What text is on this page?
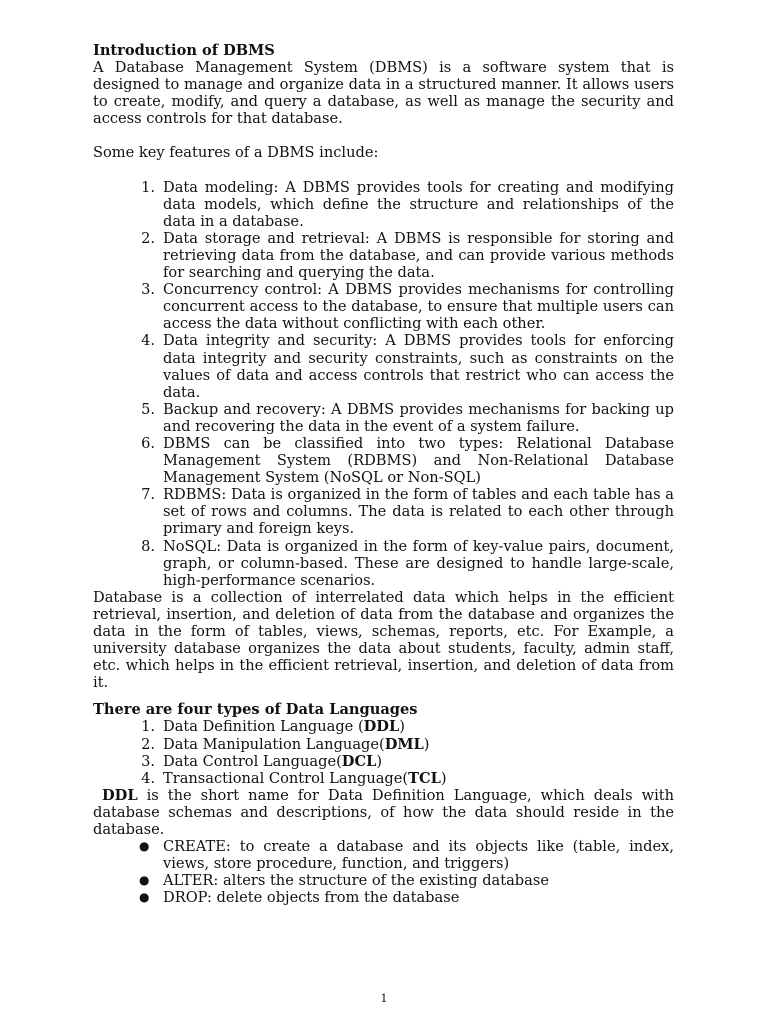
Introduction of DBMS

A Database Management System (DBMS) is a software system that is designed to manage and organize data in a structured manner. It allows users to create, modify, and query a database, as well as manage the security and access controls for that database.

Some key features of a DBMS include:

1. Data modeling: A DBMS provides tools for creating and modifying data models, which define the structure and relationships of the data in a database.
2. Data storage and retrieval: A DBMS is responsible for storing and retrieving data from the database, and can provide various methods for searching and querying the data.
3. Concurrency control: A DBMS provides mechanisms for controlling concurrent access to the database, to ensure that multiple users can access the data without conflicting with each other.
4. Data integrity and security: A DBMS provides tools for enforcing data integrity and security constraints, such as constraints on the values of data and access controls that restrict who can access the data.
5. Backup and recovery: A DBMS provides mechanisms for backing up and recovering the data in the event of a system failure.
6. DBMS can be classified into two types: Relational Database Management System (RDBMS) and Non-Relational Database Management System (NoSQL or Non-SQL)
7. RDBMS: Data is organized in the form of tables and each table has a set of rows and columns. The data is related to each other through primary and foreign keys.
8. NoSQL: Data is organized in the form of key-value pairs, document, graph, or column-based. These are designed to handle large-scale, high-performance scenarios.

Database is a collection of interrelated data which helps in the efficient retrieval, insertion, and deletion of data from the database and organizes the data in the form of tables, views, schemas, reports, etc. For Example, a university database organizes the data about students, faculty, admin staff, etc. which helps in the efficient retrieval, insertion, and deletion of data from it.

There are four types of Data Languages

1. Data Definition Language (DDL)
2. Data Manipulation Language(DML)
3. Data Control Language(DCL)
4. Transactional Control Language(TCL)

DDL is the short name for Data Definition Language, which deals with database schemas and descriptions, of how the data should reside in the database.

● CREATE: to create a database and its objects like (table, index, views, store procedure, function, and triggers)
● ALTER: alters the structure of the existing database
● DROP: delete objects from the database
1
